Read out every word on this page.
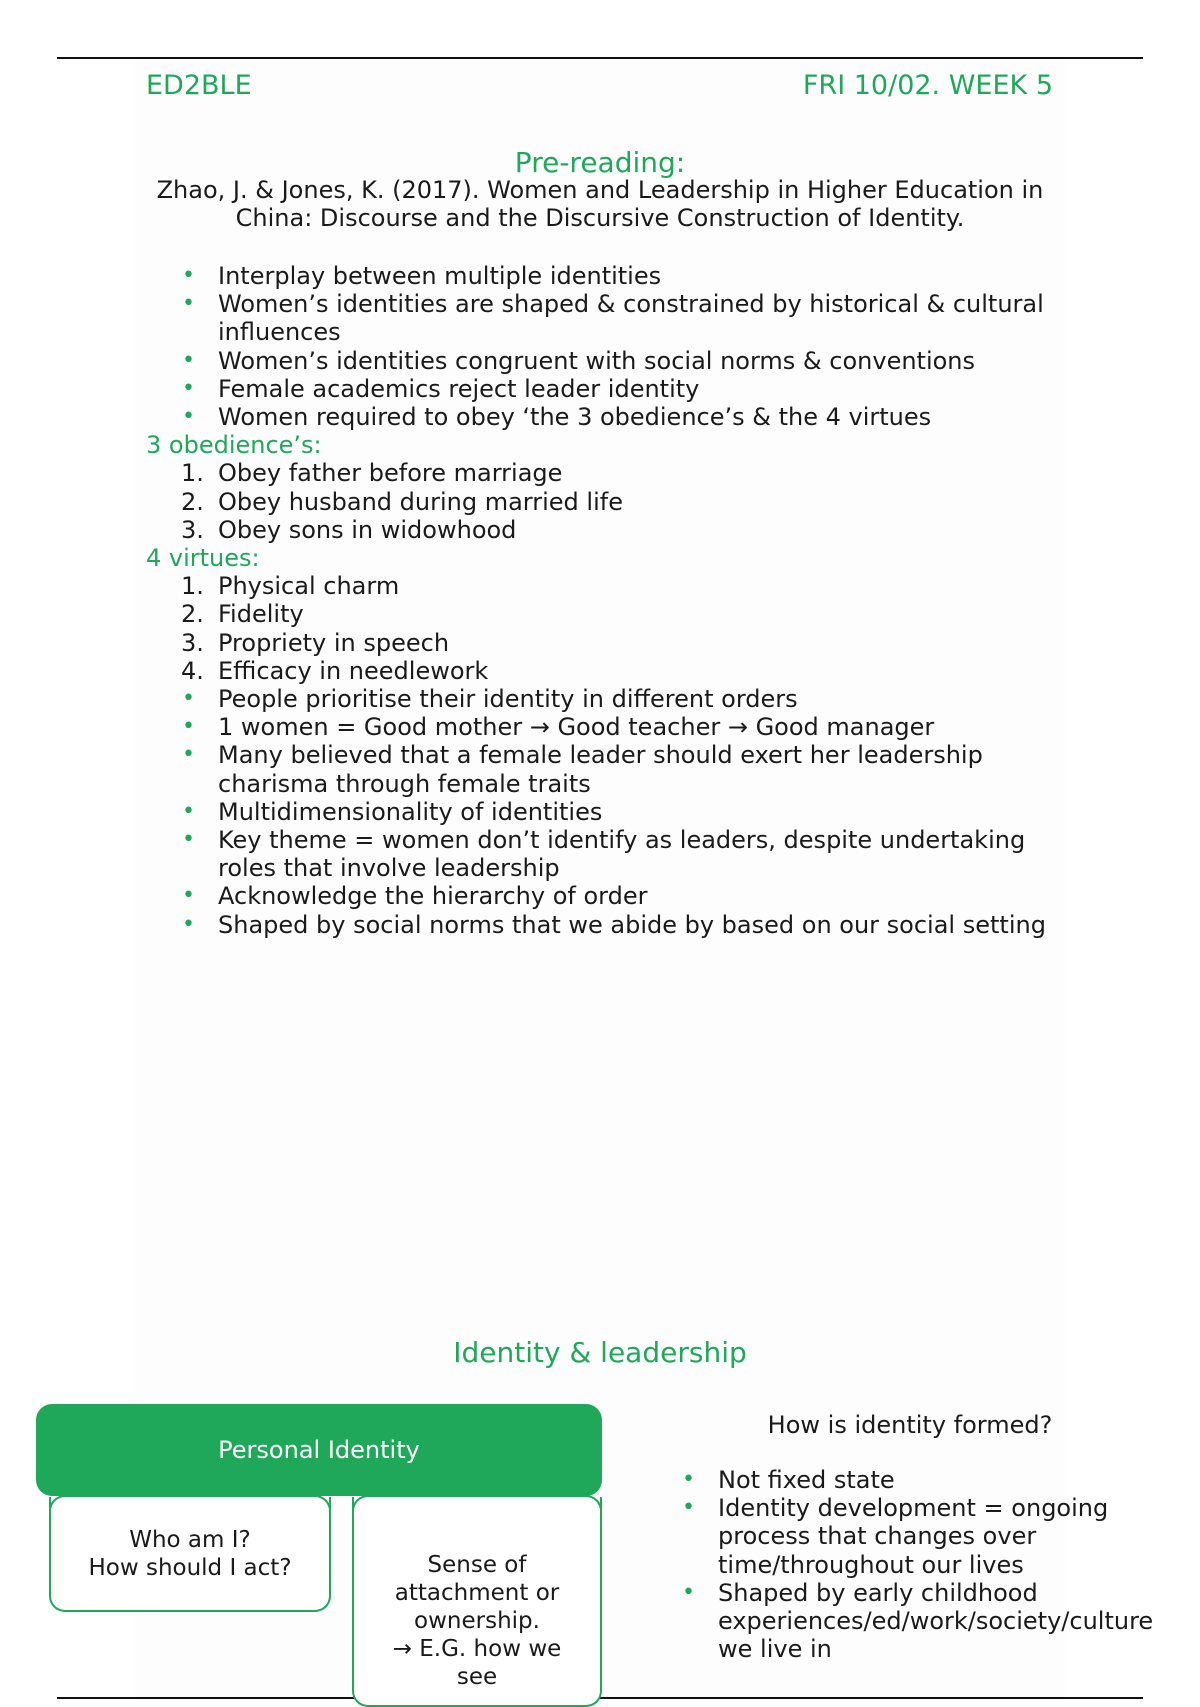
ED2BLE	FRI 10/02. WEEK 5
Pre-reading:
Zhao, J. & Jones, K. (2017). Women and Leadership in Higher Education in
China: Discourse and the Discursive Construction of Identity.
• Interplay between multiple identities
• Women’s identities are shaped & constrained by historical & cultural
influences
• Women’s identities congruent with social norms & conventions
• Female academics reject leader identity
• Women required to obey ‘the 3 obedience’s & the 4 virtues
3 obedience’s:
1. Obey father before marriage
2. Obey husband during married life
3. Obey sons in widowhood
4 virtues:
1. Physical charm
2. Fidelity
3. Propriety in speech
4. Efficacy in needlework
• People prioritise their identity in different orders
• 1 women = Good mother → Good teacher → Good manager
• Many believed that a female leader should exert her leadership
charisma through female traits
• Multidimensionality of identities
• Key theme = women don’t identify as leaders, despite undertaking
roles that involve leadership
• Acknowledge the hierarchy of order
• Shaped by social norms that we abide by based on our social setting
Identity & leadership
Personal Identity
Who am I?
How should I act?	Sense of
attachment or
ownership.
→ E.G. how we
see
How is identity formed?
• Not fixed state
• Identity development = ongoing
process that changes over
time/throughout our lives
• Shaped by early childhood
experiences/ed/work/society/culture
we live in
